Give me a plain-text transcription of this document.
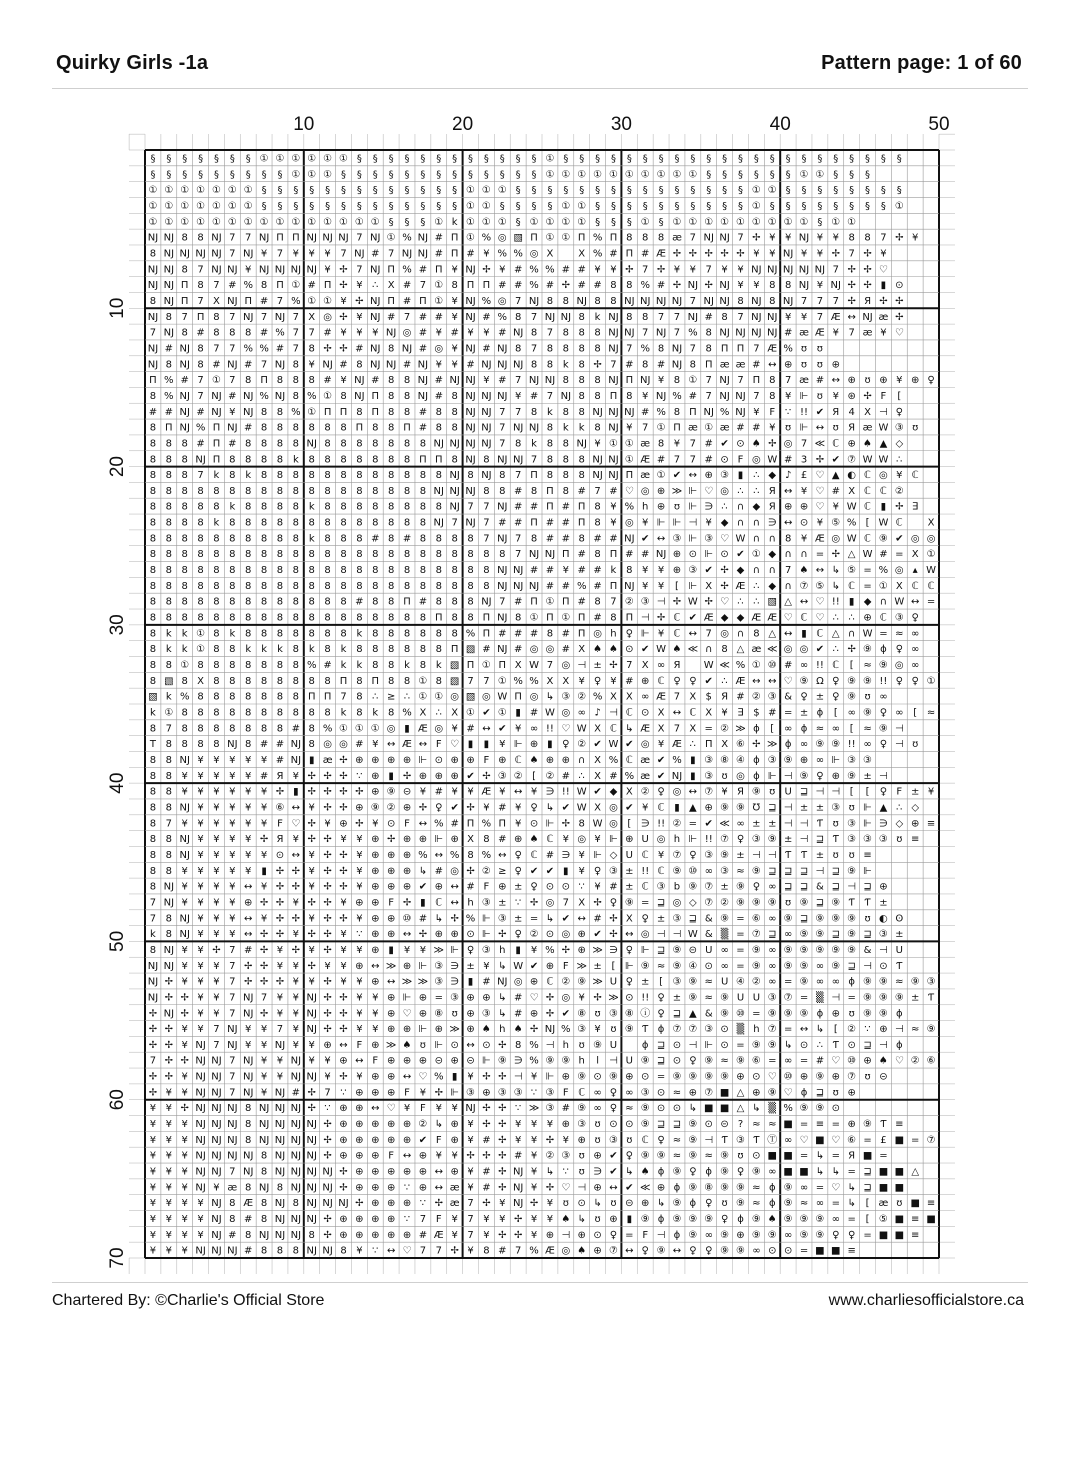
Quirky Girls -1a	Pattern page: 1 of 60
10	20	30	40	50
10
20
30
40
50
60
70
§ § § § § § § ① ① ① ① ① ① § § § § § § § § § § § § ① § § § § § § § § § § § § § § § § § § § § § §
§ § § § § § § § § ① ① ① § § § § § § § § § § § § § ① ① ① ① ① ① ① ① ① ① § § § § § § ① ① § § §
① ① ① ① ① ① ① § § § § § § § § § § § § § ① ① ① § § § § § § § § § § § § § § § ① ① § § § § § § § §
① ① ① ① ① ① ① § § § § § § § § § § § § § ① ① § § § § ① ① § § § § § § § § § § ① § § § § § § § § ①
① ① ① ① ① ① ① ① ① ① ① ① ① ① ① § § § ① k ① ① ① § ① ① ① ① § § § ① § ① ① ① ① ① ① ① ① ① § ① ①
NJ NJ 8 8 NJ 7 7 NJ Π Π NJ NJ NJ 7 NJ ① % NJ # Π ① % ◎ ▧ Π ① ① Π % Π 8 8 8 æ 7 NJ NJ 7 ✢ ¥ ¥ NJ ¥ ¥ 8 8 7 ✢ ¥
8 NJ NJ NJ NJ 7 NJ ¥ 7 ¥ ¥ ¥ 7 NJ # 7 NJ NJ # Π # ¥ % % ◎ X X % # Π # Æ ✢ ✢ ✢ ✢ ✢ ¥ ¥ NJ ¥ ¥ ✢ 7 ✢ ¥
NJ NJ 8 7 NJ NJ ¥ NJ NJ NJ NJ ¥ ✢ 7 NJ Π % # Π ¥ NJ ✢ ¥ # % % # # ¥ ¥ ✢ 7 ✢ ¥ ¥ 7 ¥ ¥ NJ NJ NJ NJ NJ 7 ✢ ✢ ♡
NJ NJ Π 8 7 # % 8 Π ① # Π ✢ ¥ ∴ X # 7 ① 8 Π Π # # % # ✢ # # 8 8 % # ✢ NJ ✢ NJ ¥ ¥ 8 8 NJ ¥ NJ ✢ ✢ ▮ ⊙
8 NJ Π 7 X NJ Π # 7 % ① ① ¥ ✢ NJ Π # Π ① ¥ NJ % ◎ 7 NJ 8 8 NJ 8 8 NJ NJ NJ NJ 7 NJ NJ 8 NJ 8 NJ 7 7 7 ✢ Я ✢ ✢
NJ 8 7 Π 8 7 NJ 7 NJ 7 X ◎ ✢ ¥ NJ # 7 # # ¥ NJ # % 8 7 NJ NJ 8 k NJ 8 8 7 7 NJ # 8 7 NJ NJ ¥ ¥ 7 Æ ↔ NJ æ ✢
7 NJ 8 # 8 8 8 # % 7 7 # ¥ ¥ ¥ NJ ◎ # ¥ # ¥ ¥ # NJ 8 7 8 8 8 NJ NJ 7 NJ 7 % 8 NJ NJ NJ NJ # æ Æ ¥ 7 æ ¥ ♡
NJ # NJ 8 7 7 % % # 7 8 ✢ ✢ # NJ 8 NJ # ◎ ¥ NJ # NJ 8 7 8 8 8 8 NJ 7 % 8 NJ 7 8 Π Π 7 Æ % ʊ ʊ
NJ 8 NJ 8 # NJ # 7 NJ 8 ¥ NJ # 8 NJ NJ # NJ ¥ ¥ # NJ NJ NJ 8 8 k 8 ✢ 7 # 8 # NJ 8 Π æ æ # ↔ ⊕ ʊ ʊ ⊕
Π % # 7 ① 7 8 Π 8 8 8 # ¥ NJ # 8 8 NJ # NJ NJ ¥ # 7 NJ NJ 8 8 8 NJ Π NJ ¥ 8 ① 7 NJ 7 Π 8 7 æ # ↔ ⊕ ʊ ⊕ ¥ ⊕ ♀
8 % NJ 7 NJ # NJ % NJ 8 % ① 8 NJ Π 8 8 NJ # 8 NJ NJ NJ ¥ # 7 NJ 8 8 Π 8 ¥ NJ % # 7 NJ NJ 7 8 ¥ ⊩ ʊ ¥ ⊛ ✢ F [
# # NJ # NJ ¥ NJ 8 8 % ① Π Π 8 Π 8 8 # 8 8 NJ NJ 7 7 8 k 8 8 NJ NJ NJ # % 8 Π NJ % NJ ¥ F ∵ !! ✔ Я 4 X ⊣ ♀
8 Π NJ % Π NJ # 8 8 8 8 8 8 Π 8 8 Π # 8 8 NJ NJ 7 NJ NJ 8 k k 8 NJ ¥ 7 ① Π æ ① æ # # ¥ ʊ ⊩ ↔ ʊ Я æ W ③ ʊ
8 8 8 # Π # 8 8 8 8 NJ 8 8 8 8 8 8 8 NJ NJ NJ NJ 7 8 k 8 8 NJ ¥ ① ① æ 8 ¥ 7 # ✔ ⊙ ♠ ✢ ◎ 7 ≪ ℂ ⊕ ♠ ▲ ◇
8 8 8 NJ Π 8 8 8 8 k 8 8 8 8 8 8 8 Π Π 8 NJ 8 NJ NJ 7 8 8 8 NJ NJ ① Æ # 7 7 # ⊙ F ◎ W # 3 ✢ ✔ ⑦ W W ∴
8 8 8 7 k 8 k 8 8 8 8 8 8 8 8 8 8 8 8 NJ 8 NJ 8 7 Π 8 8 8 NJ NJ Π æ ① ✔ ↔ ⊕ ③ ▮ ∴ ◆ ♪ £ ♡ ▲ ◐ ℂ ◎ ¥ ℂ
8 8 8 8 8 8 8 8 8 8 8 8 8 8 8 8 8 8 NJ NJ NJ 8 8 # 8 Π 8 # 7 # ♡ ◎ ⊕ ≫ ⊩ ♡ ◎ ∴ ∴ Я ↔ ¥ ♡ # X ℂ ℂ ②
8 8 8 8 8 k 8 8 8 8 k 8 8 8 8 8 8 8 8 NJ 7 7 NJ # # Π # Π 8 ¥ % h ⊕ ʊ ⊩ ∋ ∴ ∩ ◆ Я ⊕ ⊕ ♡ ¥ W ℂ ▮ ✢ ∃
8 8 8 8 k 8 8 8 8 8 8 8 8 8 8 8 8 8 NJ 7 NJ 7 # # Π # # Π 8 ¥ ◎ ¥ ⊩ ⊩ ⊣ ¥ ◆ ∩ ∩ ∋ ↔ ⊙ ¥ ⑤ % [ W ℂ X
8 8 8 8 8 8 8 8 8 8 k 8 8 8 # 8 # 8 8 8 8 7 NJ 7 8 # # 8 # # NJ ✔ ↔ ③ ⊩ ③ ♡ W ∩ ∩ 8 ¥ Æ ◎ W ℂ ⑨ ✔ ◎ ◎
8 8 8 8 8 8 8 8 8 8 8 8 8 8 8 8 8 8 8 8 8 8 8 7 NJ NJ Π # 8 Π # # NJ ⊕ ⊙ ⊩ ⊙ ✔ ① ◆ ∩ ∩ = ✢ △ W # = X ①
8 8 8 8 8 8 8 8 8 8 8 8 8 8 8 8 8 8 8 8 8 8 NJ NJ # # ¥ # # k 8 ¥ ¥ ⊕ ③ ✔ ✢ ◆ ∩ ∩ 7 ♠ ↔ ↳ ⑤ = % ◎ ▴ W
8 8 8 8 8 8 8 8 8 8 8 8 8 8 8 8 8 8 8 8 8 8 NJ NJ NJ # # % # Π NJ ¥ ¥ [ ⊩ X ✢ Æ ∴ ◆ ∩ ⑦ ⑤ ↳ ℂ = ① X ℂ ℂ
8 8 8 8 8 8 8 8 8 8 8 8 8 # 8 8 Π # 8 8 8 NJ 7 # Π ① Π # 8 7 ② ③ ⊣ ✢ W ✢ ♡ ∴ ∴ ▧ △ ↔ ♡ !! ▮ ◆ ∩ W ↔ =
8 8 8 8 8 8 8 8 8 8 8 8 8 8 8 8 8 8 Π 8 8 Π NJ 8 ① Π ① Π # 8 Π ⊣ ✢ ℂ ✔ Æ ◆ ◆ Æ Æ ♡ ℂ ♡ ∴ ∴ ⊕ ℂ ③ ♀
8 k k ① 8 k 8 8 8 8 8 8 8 k 8 8 8 8 8 8 % Π # # # 8 # Π ◎ h ♀ ⊩ ¥ ℂ ↔ 7 ◎ ∩ 8 △ ↔ ▮ ℂ △ ∩ W = ≈ ∞
8 k k ① 8 8 k k k 8 k 8 k 8 8 8 8 8 8 Π ▧ # NJ # ◎ ◎ # X ♠ ♠ ⊙ ✔ W ♠ ≪ ∩ 8 △ æ ≪ ◎ ◎ ✔ ∴ ✢ ⑨ ϕ ♀ ∞
8 8 ① 8 8 8 8 8 8 8 % # k k 8 8 k 8 k ▧ Π ① Π X W 7 ◎ ⊣ ± ✢ 7 X ∞ Я W ≪ % ① ⑩ # ∞ !! ℂ [ ≈ ⑨ ◎ ∞
8 ▧ 8 X 8 8 8 8 8 8 8 8 Π 8 Π 8 8 ① 8 ▧ 7 7 ① % % X X ¥ ♀ ¥ # ⊕ ℂ ♀ ♀ ✔ ∴ Æ ↔ ↔ ♡ ⑨ Ω ♀ ⑨ ⑨ !! ♀ ♀ ①
▧ k % 8 8 8 8 8 8 8 Π Π 7 8 ∴ ≥ ∴ ① ① ◎ ▧ ◎ W Π ◎ ↳ ③ ② % X X ∞ Æ 7 X $ Я # ② ③ & ♀ ± ♀ ⑨ ʊ ∞
k ① 8 8 8 8 8 8 8 8 8 8 k 8 k 8 % X ∴ X ① ✔ ① ▮ # W ◎ ∞ ♪ ⊣ ℂ ⊙ X ↔ ℂ X ¥ ∃ $ # = ± ϕ [ ∞ ⑨ ♀ ∞ [ ≈
8 7 8 8 8 8 8 8 8 # 8 % ① ① ① ◎ ▮ Æ ◎ ¥ # ↔ ✔ ¥ ∞ !! ♡ W X ℂ ↳ Æ X 7 X = ② ≫ ϕ [ ∞ ϕ ≈ ∞ [ ≈ ⑨ ⊣
T 8 8 8 8 NJ 8 # # NJ 8 ◎ ◎ # ¥ ↔ Æ ↔ F ♡ ▮ ▮ ¥ ⊩ ⊕ ▮ ♀ ② ✔ W ✔ ◎ ¥ Æ ∴ Π X ⑥ ✢ ≫ ϕ ∞ ⑨ ⑨ !! ∞ ♀ ⊣ ʊ
8 8 NJ ¥ ¥ ¥ ¥ ¥ # NJ ▮ æ ✢ ⊕ ⊕ ⊕ ⊕ ⊩ ⊙ ⊕ ⊕ F ⊕ ℂ ♠ ⊕ ⊕ ∩ X % ℂ æ ✔ % ▮ ③ ⑧ ④ ϕ ③ ⑨ ⊕ ∞ ⊩ ③ ③
8 8 ¥ ¥ ¥ ¥ ¥ # Я ¥ ✢ ✢ ✢ ∵ ⊕ ▮ ✢ ⊕ ⊕ ⊕ ✔ ✢ ③ ② [ ② # ∴ X # % æ ✔ NJ ▮ ③ ʊ ◎ ϕ ⊩ ⊣ ⑨ ♀ ⊕ ⑨ ± ⊣
8 8 ¥ ¥ ¥ ¥ ¥ ¥ ✢ ▮ ✢ ✢ ✢ ✢ ⊕ ⑨ ⊝ ¥ # ¥ ¥ Æ ¥ ↔ ¥ ∋ !! W ✔ ◆ X ② ♀ ◎ ↔ ⑦ ¥ Я ⑨ ʊ U ⊒ ⊣ ⊣ [ [ ♀ F ± ¥
8 8 NJ ¥ ¥ ¥ ¥ ¥ ⑥ ↔ ¥ ✢ ✢ ⊕ ⑨ ② ⊕ ✢ ♀ ✔ ✢ ¥ # ¥ ♀ ↳ ✔ W X ◎ ✔ ¥ ℂ ▮ ▲ ⊕ ⑨ ⑨ Ʊ ⊒ ⊣ ± ± ③ ʊ ⊩ ▲ ∴ ◇
8 7 ¥ ¥ ¥ ¥ ¥ ¥ F ♡ ✢ ¥ ⊕ ✢ ¥ ⊙ F ↔ % # Π % Π ¥ ⊙ ⊩ ✢ 8 W ◎ [ ∋ !! ② = ✔ ≪ ∞ ± ± ⊣ ⊣ Ƭ ʊ ③ ⊩ ∋ ◇ ⊕ ≡
8 8 NJ ¥ ¥ ¥ ¥ ✢ Я ¥ ✢ ✢ ¥ ¥ ⊕ ✢ ⊕ ⊕ ⊩ ⊕ X 8 # ⊕ ♠ ℂ ¥ ◎ ¥ ⊩ ⊕ U ◎ h ⊩ !! ⑦ ♀ ③ ⑨ ± ⊣ ⊒ Ƭ ③ ③ ③ ʊ ≡
8 8 NJ ¥ ¥ ¥ ¥ ¥ ⊙ ↔ ¥ ✢ ✢ ¥ ⊕ ⊕ ⊕ % ↔ % 8 % ↔ ♀ ℂ # ∋ ¥ ⊩ ◇ U ℂ ¥ ⑦ ♀ ③ ⑨ ± ⊣ ⊣ Ƭ Ƭ ± ʊ ʊ ≡
8 8 ¥ ¥ ¥ ¥ ¥ ▮ ✢ ✢ ¥ ✢ ✢ ¥ ⊕ ⊕ ⊕ ↳ # ◎ ✢ ② ≥ ♀ ✔ ✔ ▮ ¥ ♀ ③ ± !! ℂ ⑨ ⑩ ∞ ③ ≈ ⑨ ⊒ ⊒ ⊒ ⊣ ⊒ ⑨ ⊩
8 NJ ¥ ¥ ¥ ¥ ↔ ¥ ✢ ✢ ¥ ✢ ✢ ¥ ⊕ ⊕ ⊕ ✔ ⊕ ↔ # F ⊕ ± ♀ ⊙ ⊙ ∵ ¥ # ± ℂ ③ b ⑨ ⑦ ± ⑨ ♀ ∞ ⊒ ⊒ & ⊒ ⊣ ⊒ ⊕
7 NJ ¥ ¥ ¥ ¥ ⊕ ✢ ✢ ¥ ✢ ✢ ¥ ⊕ ⊕ F ✢ ▮ ℂ ↔ h ③ ± ∵ ✢ ◎ 7 X ✢ ♀ ⑨ = ⊒ ◎ ◇ ⑦ ② ⑨ ⑨ ⑨ ʊ ⑨ ⊒ ⑨ Ƭ Ƭ ±
7 8 NJ ¥ ¥ ¥ ↔ ¥ ✢ ✢ ¥ ✢ ✢ ¥ ⊕ ⊕ ⑩ # ↳ ✢ % ⊩ ③ ± = ↳ ✔ ↔ # ✢ X ♀ ± ③ ⊒ & ⑨ = ⑥ ∞ ⑨ ⊒ ⑨ ⑨ ⑨ ʊ ◐ ʘ
k 8 NJ ¥ ¥ ¥ ↔ ✢ ✢ ¥ ✢ ✢ ¥ ∵ ⊕ ⊕ ↔ ✢ ⊕ ⊕ ⊙ ⊩ ✢ ♀ ② ⊙ ◎ ⊕ ✔ ✢ ↔ ◎ ⊣ ⊣ W & ▒ = ⑦ ⊒ ∞ ⑨ ⑨ ⊒ ⑨ ⊒ ③ ±
8 NJ ¥ ¥ ✢ 7 # ✢ ¥ ✢ ¥ ✢ ¥ ¥ ⊕ ▮ ¥ ¥ ≫ ⊩ ♀ ③ h ▮ ¥ % ✢ ⊕ ≫ ∋ ♀ ⊩ ⊒ ⑨ ⊝ U ∞ = ⑨ ∞ ⑨ ⑨ ⑨ ⑨ ⑨ & ⊣ U
NJ NJ ¥ ¥ ¥ 7 ✢ ✢ ¥ ¥ ✢ ¥ ¥ ⊕ ↔ ≫ ⊕ ⊩ ③ ∋ ± ¥ ↳ W ✔ ⊕ F ≫ ± [ ⊩ ⑨ ≈ ⑨ ④ ⊙ ∞ = ⑨ ∞ ⑨ ⑨ ∞ ⑨ ⊒ ⊣ ⊙ Ƭ
NJ ✢ ¥ ¥ ¥ 7 ✢ ✢ ✢ ¥ ¥ ✢ ¥ ¥ ⊕ ↔ ≫ ≫ ③ ∋ ▮ # NJ ◎ ⊕ ℂ ② ⑨ ≫ U ♀ ± [ ③ ⑨ ≈ U ④ ② ∞ = ⑨ ∞ ∞ ϕ ⑨ ⑨ ≈ ⑨ ③
NJ ✢ ✢ ¥ ¥ 7 NJ 7 ¥ ¥ NJ ✢ ✢ ¥ ¥ ⊕ ⊩ ⊕ = ③ ⊕ ⊕ ↳ # ♡ ✢ ◎ ¥ ✢ ≫ ⊙ !! ♀ ± ⑨ ≈ ⑨ U U ③ ⑦ = ▒ ⊣ = ⑨ ⑨ ⑨ ± Ƭ
✢ NJ ✢ ¥ ¥ 7 NJ ✢ ¥ ¥ NJ ✢ ✢ ¥ ¥ ⊕ ♡ ⊕ ⑧ ʊ ⊕ ③ ↳ # ⊕ ✢ ✔ ⑧ ʊ ③ ⑧ ⓘ ♀ ⊒ ▲ & ⑨ ⑩ = ⑨ ⑨ ⑨ ϕ ⊕ ʊ ⑨ ⑨ ϕ
✢ ✢ ¥ ¥ 7 NJ ¥ ¥ 7 ¥ NJ ✢ ✢ ¥ ¥ ⊕ ⊕ ⊩ ⊕ ≫ ⊕ ♠ h ♠ ✢ NJ % ③ ¥ ʊ ⑨ Ƭ ϕ ⑦ ⑦ ③ ⊙ ▒ h ⑦ = ↔ ↳ [ ② ∵ ⊕ ⊣ ≈ ⑨
✢ ✢ ¥ NJ 7 NJ ¥ ¥ NJ ¥ ¥ ⊕ ↔ F ⊕ ≫ ♠ ʊ ⊩ ⊙ ↔ ⊙ ✢ 8 % ⊣ h ʊ ⑨ U ϕ ⊒ ⊙ ⊣ ⊩ ⊙ = ⑨ ⑨ ↳ ⊙ ∴ Ƭ ⊙ ⊒ ⊣ ϕ
7 ✢ ✢ NJ NJ 7 NJ ¥ ¥ NJ ¥ ¥ ⊕ ↔ F ⊕ ⊕ ⊕ ⊝ ⊕ ⊝ ⊩ ⑨ ∋ % ⑨ ⑨ h l ⊣ U ⑨ ⊒ ⊙ ♀ ⑨ ≈ ⑨ ⑥ = ∞ = # ♡ ⑩ ⊕ ♠ ♡ ② ⑥
✢ ✢ ¥ NJ NJ 7 NJ ¥ ¥ NJ NJ ¥ ✢ ¥ ⊕ ⊕ ↔ ♡ % ▮ ¥ ✢ ✢ ⊣ ¥ ⊩ ⊕ ⑨ ⊙ ⑨ ⊕ ⊙ = ⑨ ⑨ ⑨ ⑨ ⊕ ⊙ ♡ ⑩ ⊕ ⑨ ⊕ ⑦ ʊ ⊝
✢ ¥ ¥ NJ NJ 7 NJ ¥ NJ # ✢ 7 ∵ ⊕ ⊕ ⊕ F ¥ ✢ ⊩ ③ ⊕ ③ ③ ∵ ③ F ℂ ∞ ♀ ∞ ③ ⊙ ≈ ⊕ ⑦ ■ △ ⊕ ⑨ ♡ ϕ ⊒ ʊ ⊕
¥ ¥ ✢ NJ NJ NJ 8 NJ NJ NJ ✢ ∵ ⊕ ⊕ ↔ ♡ ¥ F ¥ ¥ NJ ✢ ✢ ∵ ≫ ③ # ⑨ ∞ ♀ ≈ ⑨ ⊙ ⊙ ↳ ■ ■ △ ↳ ▒ % ⑨ ⑨ ⊙
¥ ¥ ¥ NJ NJ NJ 8 NJ NJ NJ NJ ✢ ⊕ ⊕ ⊕ ⊕ ⊕ ② ↳ ⊕ ¥ ✢ ✢ ¥ ¥ ¥ ⊕ ③ ʊ ⊙ ⊙ ⑨ ⊒ ⊒ ⑨ ⊙ ⊝ ? ≈ ≈ ■ = ≡ = ⊕ ⑨ Ƭ ≡
¥ ¥ ¥ NJ NJ NJ 8 NJ NJ NJ NJ ✢ ⊕ ⊕ ⊕ ⊕ ⊕ ✔ F ⊕ ¥ # ✢ ¥ ¥ ✢ ¥ ⊕ ʊ ③ ʊ ℂ ♀ ≈ ⑨ ⊣ Ƭ ③ Ƭ Ⓣ ∞ ♡ ■ ♡ ⑥ = £ ■ = ⑦
¥ ¥ ¥ NJ NJ NJ NJ 8 NJ NJ NJ ✢ ⊕ ⊕ ⊕ F ↔ ⊕ ¥ ¥ ✢ ✢ ✢ # ¥ ② ③ ʊ ⊕ ✔ ♀ ⑨ ⑨ ≈ ⑨ ≈ ⑨ ʊ ⊙ ■ ■ = ↳ = Я ■ =
¥ ¥ ¥ NJ NJ 7 NJ 8 NJ NJ NJ NJ ✢ ⊕ ⊕ ⊕ ⊕ ⊕ ↔ ⊕ ¥ # ✢ NJ ¥ ↳ ∵ ʊ ∋ ✔ ↳ ♠ ϕ ⑨ ♀ ϕ ⑨ ♀ ⑨ ∞ ■ ■ ↳ ↳ = ⊒ ■ ■ △
¥ ¥ ¥ NJ ¥ æ 8 NJ 8 NJ NJ NJ ✢ ⊕ ⊕ ⊕ ∵ ⊕ ↔ æ ¥ # ✢ NJ ¥ ✢ ♡ ⊣ ⊕ ↔ ✔ ≪ ⊕ ϕ ⑨ ⑧ ⑨ ⑨ ≈ ϕ ⑨ ∞ = ♡ ↳ ⊒ ■ ■
¥ ¥ ¥ ¥ NJ 8 Æ 8 NJ 8 NJ NJ NJ ✢ ⊕ ⊕ ⊕ ∵ ✢ æ 7 ✢ ¥ NJ ✢ ¥ ʊ ⊙ ↳ ʊ ⊝ ⊕ ↳ ⑨ ϕ ♀ ʊ ⑨ ≈ ϕ ⑨ ≈ ∞ = ↳ [ æ ʊ ■ ≡
¥ ¥ ¥ ¥ NJ 8 # 8 NJ NJ NJ ✢ ⊕ ⊕ ⊕ ⊕ ∵ 7 F ¥ 7 ¥ ¥ ✢ ¥ ¥ ♠ ↳ ʊ ⊕ ▮ ⑨ ϕ ⑨ ⑨ ⑨ ♀ ϕ ⑨ ♠ ⑨ ⑨ ⑨ ∞ = [ ⑤ ■ ≡ ■
¥ ¥ ¥ ¥ NJ # 8 NJ NJ NJ 8 ✢ ⊕ ⊕ ⊕ ⊕ ⊕ # Æ ¥ 7 ¥ ✢ ✢ ¥ ⊕ ⊣ ⊕ ⊙ ♀ = F ⊣ ϕ ⑨ ∞ ⑨ ⊕ ⑨ ⑨ ∞ ⑨ ⑨ ♀ ♀ = ■ ■ ≡
¥ ¥ ¥ NJ NJ NJ # 8 8 8 NJ NJ 8 ¥ ∵ ↔ ♡ 7 7 ✢ ¥ 8 # 7 % Æ ◎ ♠ ⊕ ⑦ ↔ ♀ ⑨ ↔ ♀ ♀ ⑨ ⑨ ∞ ⊙ ⊙ = ■ ■ ≡
Chartered By: ©Charlie's Official Store	www.charliesofficialstore.ca
